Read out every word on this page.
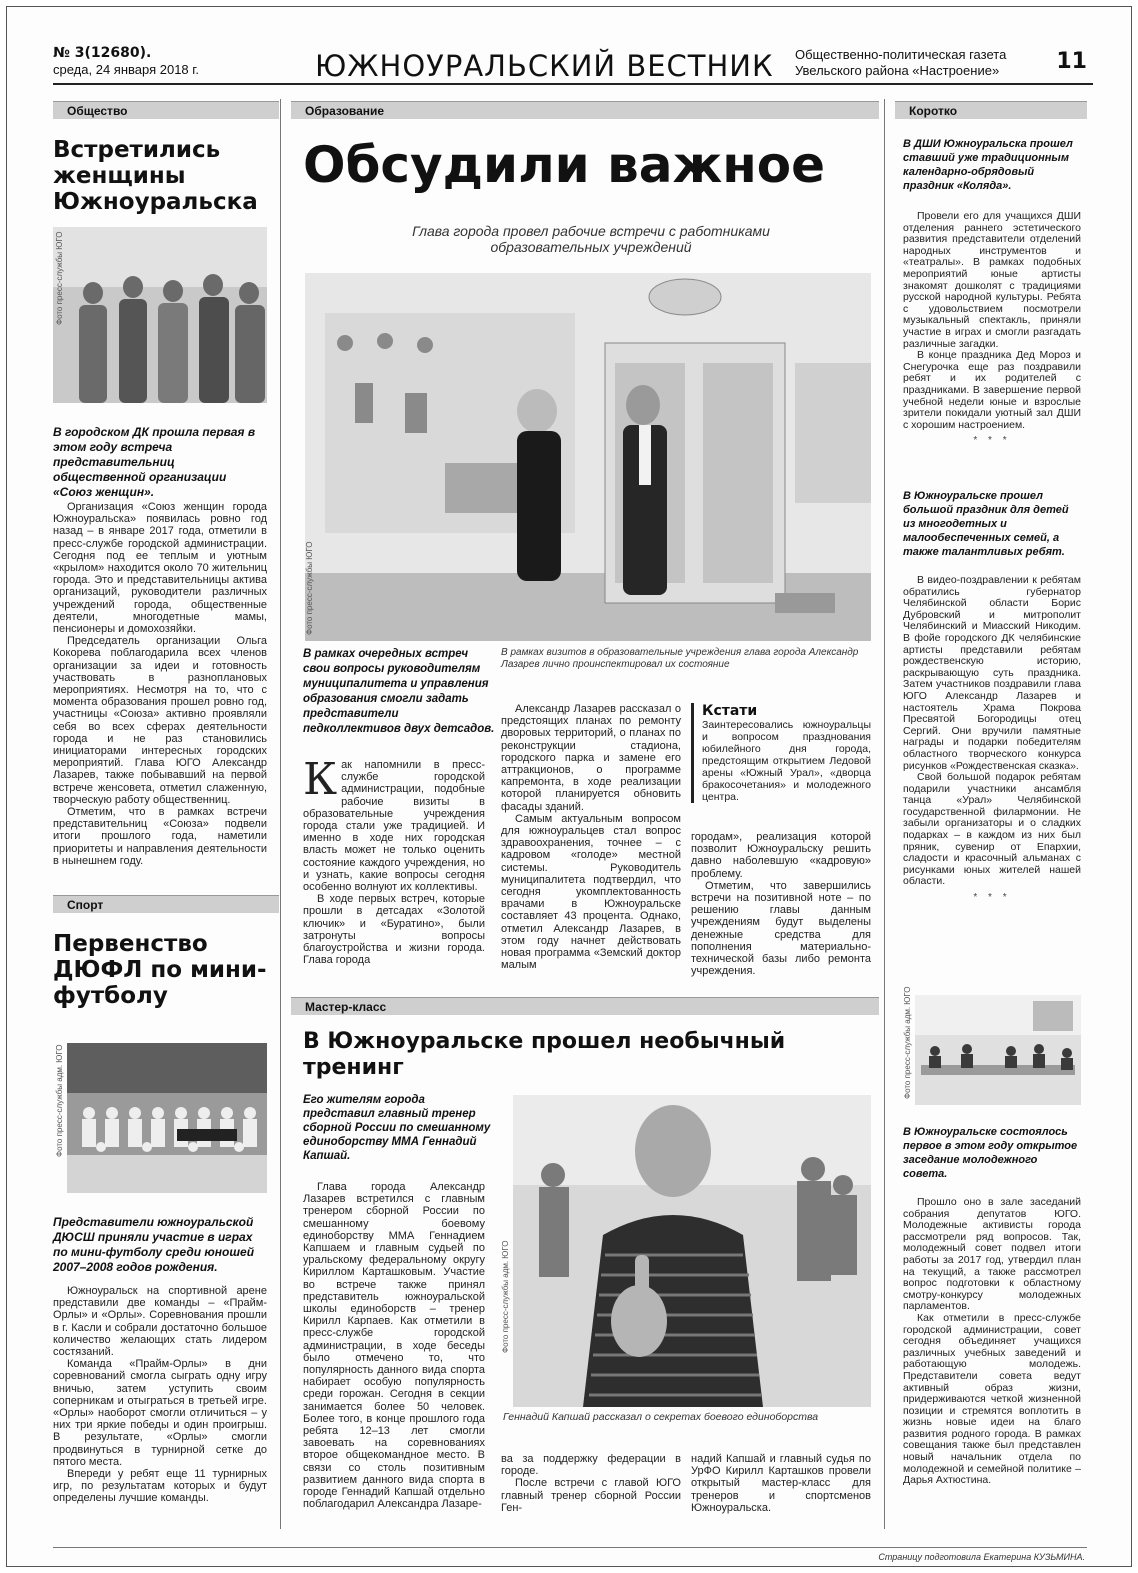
№ 3(12680).
среда, 24 января 2018 г.	ЮЖНОУРАЛЬСКИЙ ВЕСТНИК Общественно-политическая газета
Увельского района «Настроение»	11
Общество
Встретились женщины Южноуральска
Фото пресс-службы ЮГО
В городском ДК прошла первая в этом году встреча представительниц общественной организации «Союз женщин».

Организация «Союз женщин города Южноуральска» появилась ровно год назад – в январе 2017 года, отметили в пресс-службе городской администрации. Сегодня под ее теплым и уютным «крылом» находится около 70 жительниц города. Это и представительницы актива организаций, руководители различных учреждений города, общественные деятели, многодетные мамы, пенсионеры и домохозяйки.

Председатель организации Ольга Кокорева поблагодарила всех членов организации за идеи и готовность участвовать в разноплановых мероприятиях. Несмотря на то, что с момента образования прошел ровно год, участницы «Союза» активно проявляли себя во всех сферах деятельности города и не раз становились инициаторами интересных городских мероприятий. Глава ЮГО Александр Лазарев, также побывавший на первой встрече женсовета, отметил слаженную, творческую работу общественниц.

Отметим, что в рамках встречи представительниц «Союза» подвели итоги прошлого года, наметили приоритеты и направления деятельности в нынешнем году.

Спорт
Первенство ДЮФЛ по мини-футболу
Фото пресс-службы адм. ЮГО
Представители южноуральской ДЮСШ приняли участие в играх по мини-футболу среди юношей 2007–2008 годов рождения.

Южноуральск на спортивной арене представили две команды – «Прайм-Орлы» и «Орлы». Соревнования прошли в г. Касли и собрали достаточно большое количество желающих стать лидером состязаний.

Команда «Прайм-Орлы» в дни соревнований смогла сыграть одну игру вничью, затем уступить своим соперникам и отыграться в третьей игре. «Орлы» наоборот смогли отличиться – у них три яркие победы и один проигрыш. В результате, «Орлы» смогли продвинуться в турнирной сетке до пятого места.

Впереди у ребят еще 11 турнирных игр, по результатам которых и будут определены лучшие команды.

Образование
Обсудили важное
Глава города провел рабочие встречи с работниками образовательных учреждений
Фото пресс-службы ЮГО
В рамках очередных встреч свои вопросы руководителям муниципалитета и управления образования смогли задать представители педколлективов двух детсадов.
В рамках визитов в образовательные учреждения глава города Александр Лазарев лично проинспектировал их состояние

Как напомнили в пресс-службе городской администрации, подобные рабочие визиты в образовательные учреждения города стали уже традицией. И именно в ходе них городская власть может не только оценить состояние каждого учреждения, но и узнать, какие вопросы сегодня особенно волнуют их коллективы.

В ходе первых встреч, которые прошли в детсадах «Золотой ключик» и «Буратино», были затронуты вопросы благоустройства и жизни города. Глава города

Александр Лазарев рассказал о предстоящих планах по ремонту дворовых территорий, о планах по реконструкции стадиона, городского парка и замене его аттракционов, о программе капремонта, в ходе реализации которой планируется обновить фасады зданий.

Самым актуальным вопросом для южноуральцев стал вопрос здравоохранения, точнее – с кадровом «голоде» местной системы. Руководитель муниципалитета подтвердил, что сегодня укомплектованность врачами в Южноуральске составляет 43 процента. Однако, отметил Александр Лазарев, в этом году начнет действовать новая программа «Земский доктор малым

Кстати
Заинтересовались южноуральцы и вопросом празднования юбилейного дня города, предстоящим открытием Ледовой арены «Южный Урал», «дворца бракосочетания» и молодежного центра.

городам», реализация которой позволит Южноуральску решить давно наболевшую «кадровую» проблему.

Отметим, что завершились встречи на позитивной ноте – по решению главы данным учреждениям будут выделены денежные средства для пополнения материально-технической базы либо ремонта учреждения.

Мастер-класс
В Южноуральске прошел необычный тренинг
Его жителям города представил главный тренер сборной России по смешанному единоборству ММА Геннадий Капшай.
Фото пресс-службы адм. ЮГО
Геннадий Капшай рассказал о секретах боевого единоборства

Глава города Александр Лазарев встретился с главным тренером сборной России по смешанному боевому единоборству ММА Геннадием Капшаем и главным судьей по уральскому федеральному округу Кириллом Карташковым. Участие во встрече также принял представитель южноуральской школы единоборств – тренер Кирилл Карпаев. Как отметили в пресс-службе городской администрации, в ходе беседы было отмечено то, что популярность данного вида спорта набирает особую популярность среди горожан. Сегодня в секции занимается более 50 человек. Более того, в конце прошлого года ребята 12–13 лет смогли завоевать на соревнованиях второе общекомандное место. В связи со столь позитивным развитием данного вида спорта в городе Геннадий Капшай отдельно поблагодарил Александра Лазаре-

ва за поддержку федерации в городе.

После встречи с главой ЮГО главный тренер сборной России Ген-

надий Капшай и главный судья по УрФО Кирилл Карташков провели открытый мастер-класс для тренеров и спортсменов Южноуральска.

Коротко
В ДШИ Южноуральска прошел ставший уже традиционным календарно-обрядовый праздник «Коляда».

Провели его для учащихся ДШИ отделения раннего эстетического развития представители отделений народных инструментов и «театралы». В рамках подобных мероприятий юные артисты знакомят дошколят с традициями русской народной культуры. Ребята с удовольствием посмотрели музыкальный спектакль, приняли участие в играх и смогли разгадать различные загадки.

В конце праздника Дед Мороз и Снегурочка еще раз поздравили ребят и их родителей с праздниками. В завершение первой учебной недели юные и взрослые зрители покидали уютный зал ДШИ с хорошим настроением.

* * *
В Южноуральске прошел большой праздник для детей из многодетных и малообеспеченных семей, а также талантливых ребят.

В видео-поздравлении к ребятам обратились губернатор Челябинской области Борис Дубровский и митрополит Челябинский и Миасский Никодим. В фойе городского ДК челябинские артисты представили ребятам рождественскую историю, раскрывающую суть праздника. Затем участников поздравили глава ЮГО Александр Лазарев и настоятель Храма Покрова Пресвятой Богородицы отец Сергий. Они вручили памятные награды и подарки победителям областного творческого конкурса рисунков «Рождественская сказка».

Свой большой подарок ребятам подарили участники ансамбля танца «Урал» Челябинской государственной филармонии. Не забыли организаторы и о сладких подарках – в каждом из них был пряник, сувенир от Епархии, сладости и красочный альманах с рисунками юных жителей нашей области.

* * *
Фото пресс-службы адм. ЮГО
В Южноуральске состоялось первое в этом году открытое заседание молодежного совета.

Прошло оно в зале заседаний собрания депутатов ЮГО. Молодежные активисты города рассмотрели ряд вопросов. Так, молодежный совет подвел итоги работы за 2017 год, утвердил план на текущий, а также рассмотрел вопрос подготовки к областному смотру-конкурсу молодежных парламентов.

Как отметили в пресс-службе городской администрации, совет сегодня объединяет учащихся различных учебных заведений и работающую молодежь. Представители совета ведут активный образ жизни, придерживаются четкой жизненной позиции и стремятся воплотить в жизнь новые идеи на благо развития родного города. В рамках совещания также был представлен новый начальник отдела по молодежной и семейной политике – Дарья Ахтюстина.

Страницу подготовила Екатерина КУЗЬМИНА.
